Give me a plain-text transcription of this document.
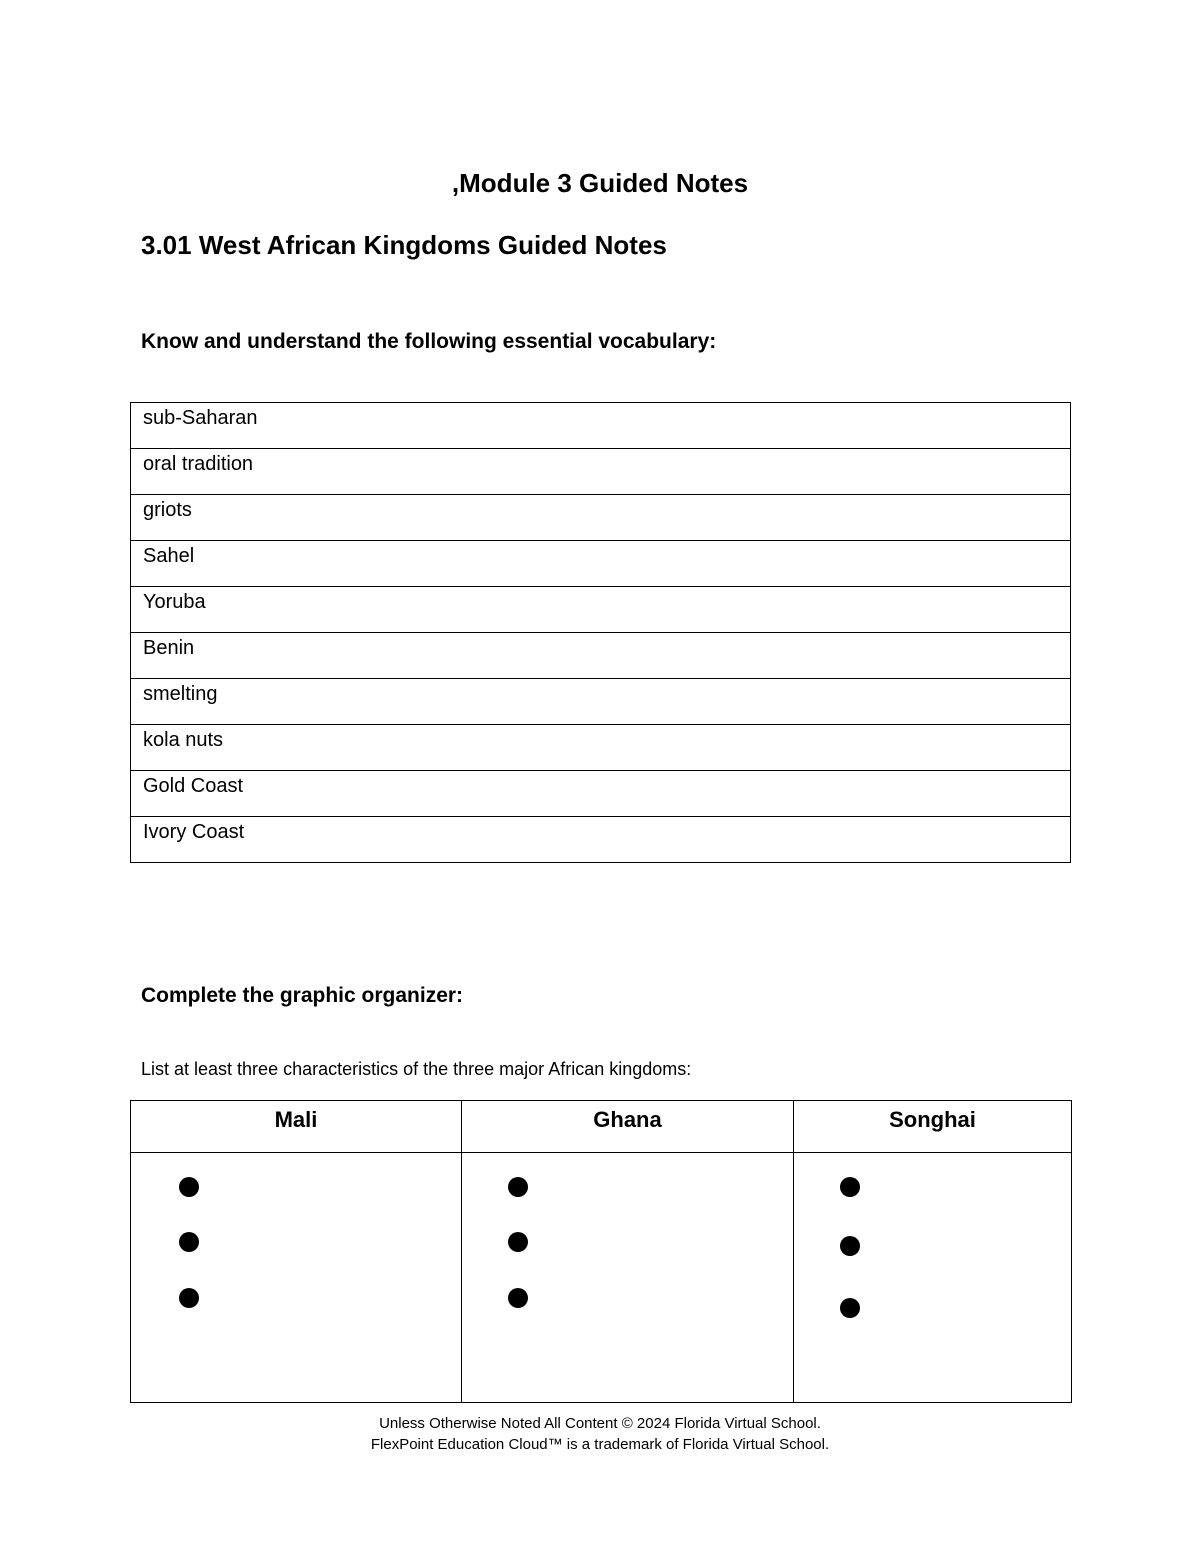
,Module 3 Guided Notes
3.01 West African Kingdoms Guided Notes
Know and understand the following essential vocabulary:
sub-Saharan
oral tradition
griots
Sahel
Yoruba
Benin
smelting
kola nuts
Gold Coast
Ivory Coast
Complete the graphic organizer:
List at least three characteristics of the three major African kingdoms:
Mali	Ghana	Songhai

Unless Otherwise Noted All Content © 2024 Florida Virtual School.
FlexPoint Education Cloud™ is a trademark of Florida Virtual School.
